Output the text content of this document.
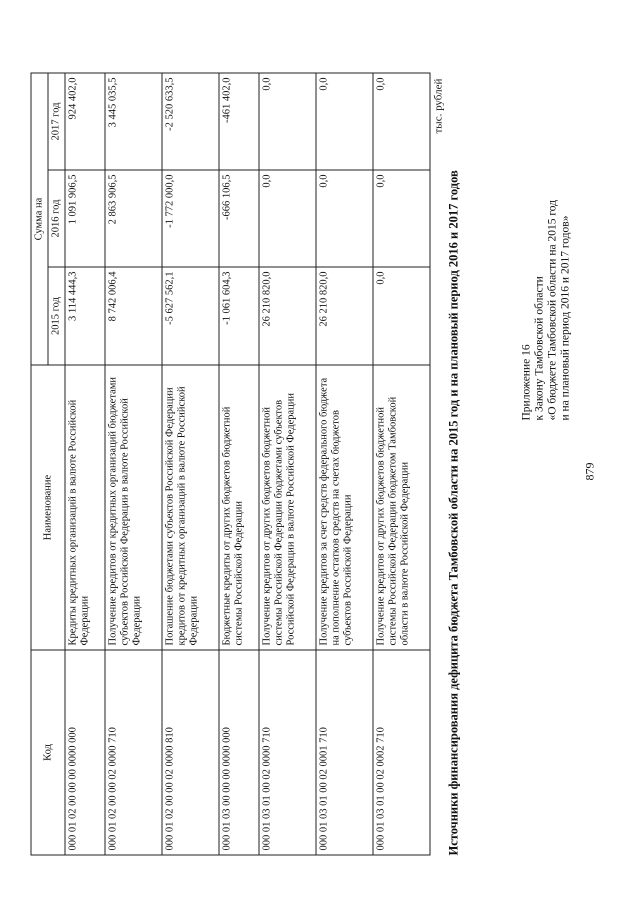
879
Приложение 16 к Закону Тамбовской области «О бюджете Тамбовской области на 2015 год и на плановый период 2016 и 2017 годов»
Источники финансирования дефицита бюджета Тамбовской области на 2015 год и на плановый период 2016 и 2017 годов
тыс. рублей
Код	Наименование	Сумма на		
		2015 год	2016 год	2017 год
000 01 02 00 00 00 0000 000	Кредиты кредитных организаций в валюте Российской Федерации	3 114 444,3	1 091 906,5	924 402,0
000 01 02 00 00 02 0000 710	Получение кредитов от кредитных организаций бюджетами субъектов Российской Федерации в валюте Российской Федерации	8 742 006,4	2 863 906,5	3 445 035,5
000 01 02 00 00 02 0000 810	Погашение бюджетами субъектов Российской Федерации кредитов от кредитных организаций в валюте Российской Федерации	-5 627 562,1	-1 772 000,0	-2 520 633,5
000 01 03 00 00 00 0000 000	Бюджетные кредиты от других бюджетов бюджетной системы Российской Федерации	-1 061 604,3	-666 106,5	-461 402,0
000 01 03 01 00 02 0000 710	Получение кредитов от других бюджетов бюджетной системы Российской Федерации бюджетами субъектов Российской Федерации в валюте Российской Федерации	26 210 820,0	0,0	0,0
000 01 03 01 00 02 0001 710	Получение кредитов за счет средств федерального бюджета на пополнение остатков средств на счетах бюджетов субъектов Российской Федерации	26 210 820,0	0,0	0,0
000 01 03 01 00 02 0002 710	Получение кредитов от других бюджетов бюджетной системы Российской Федерации бюджетом Тамбовской области в валюте Российской Федерации	0,0	0,0	0,0
